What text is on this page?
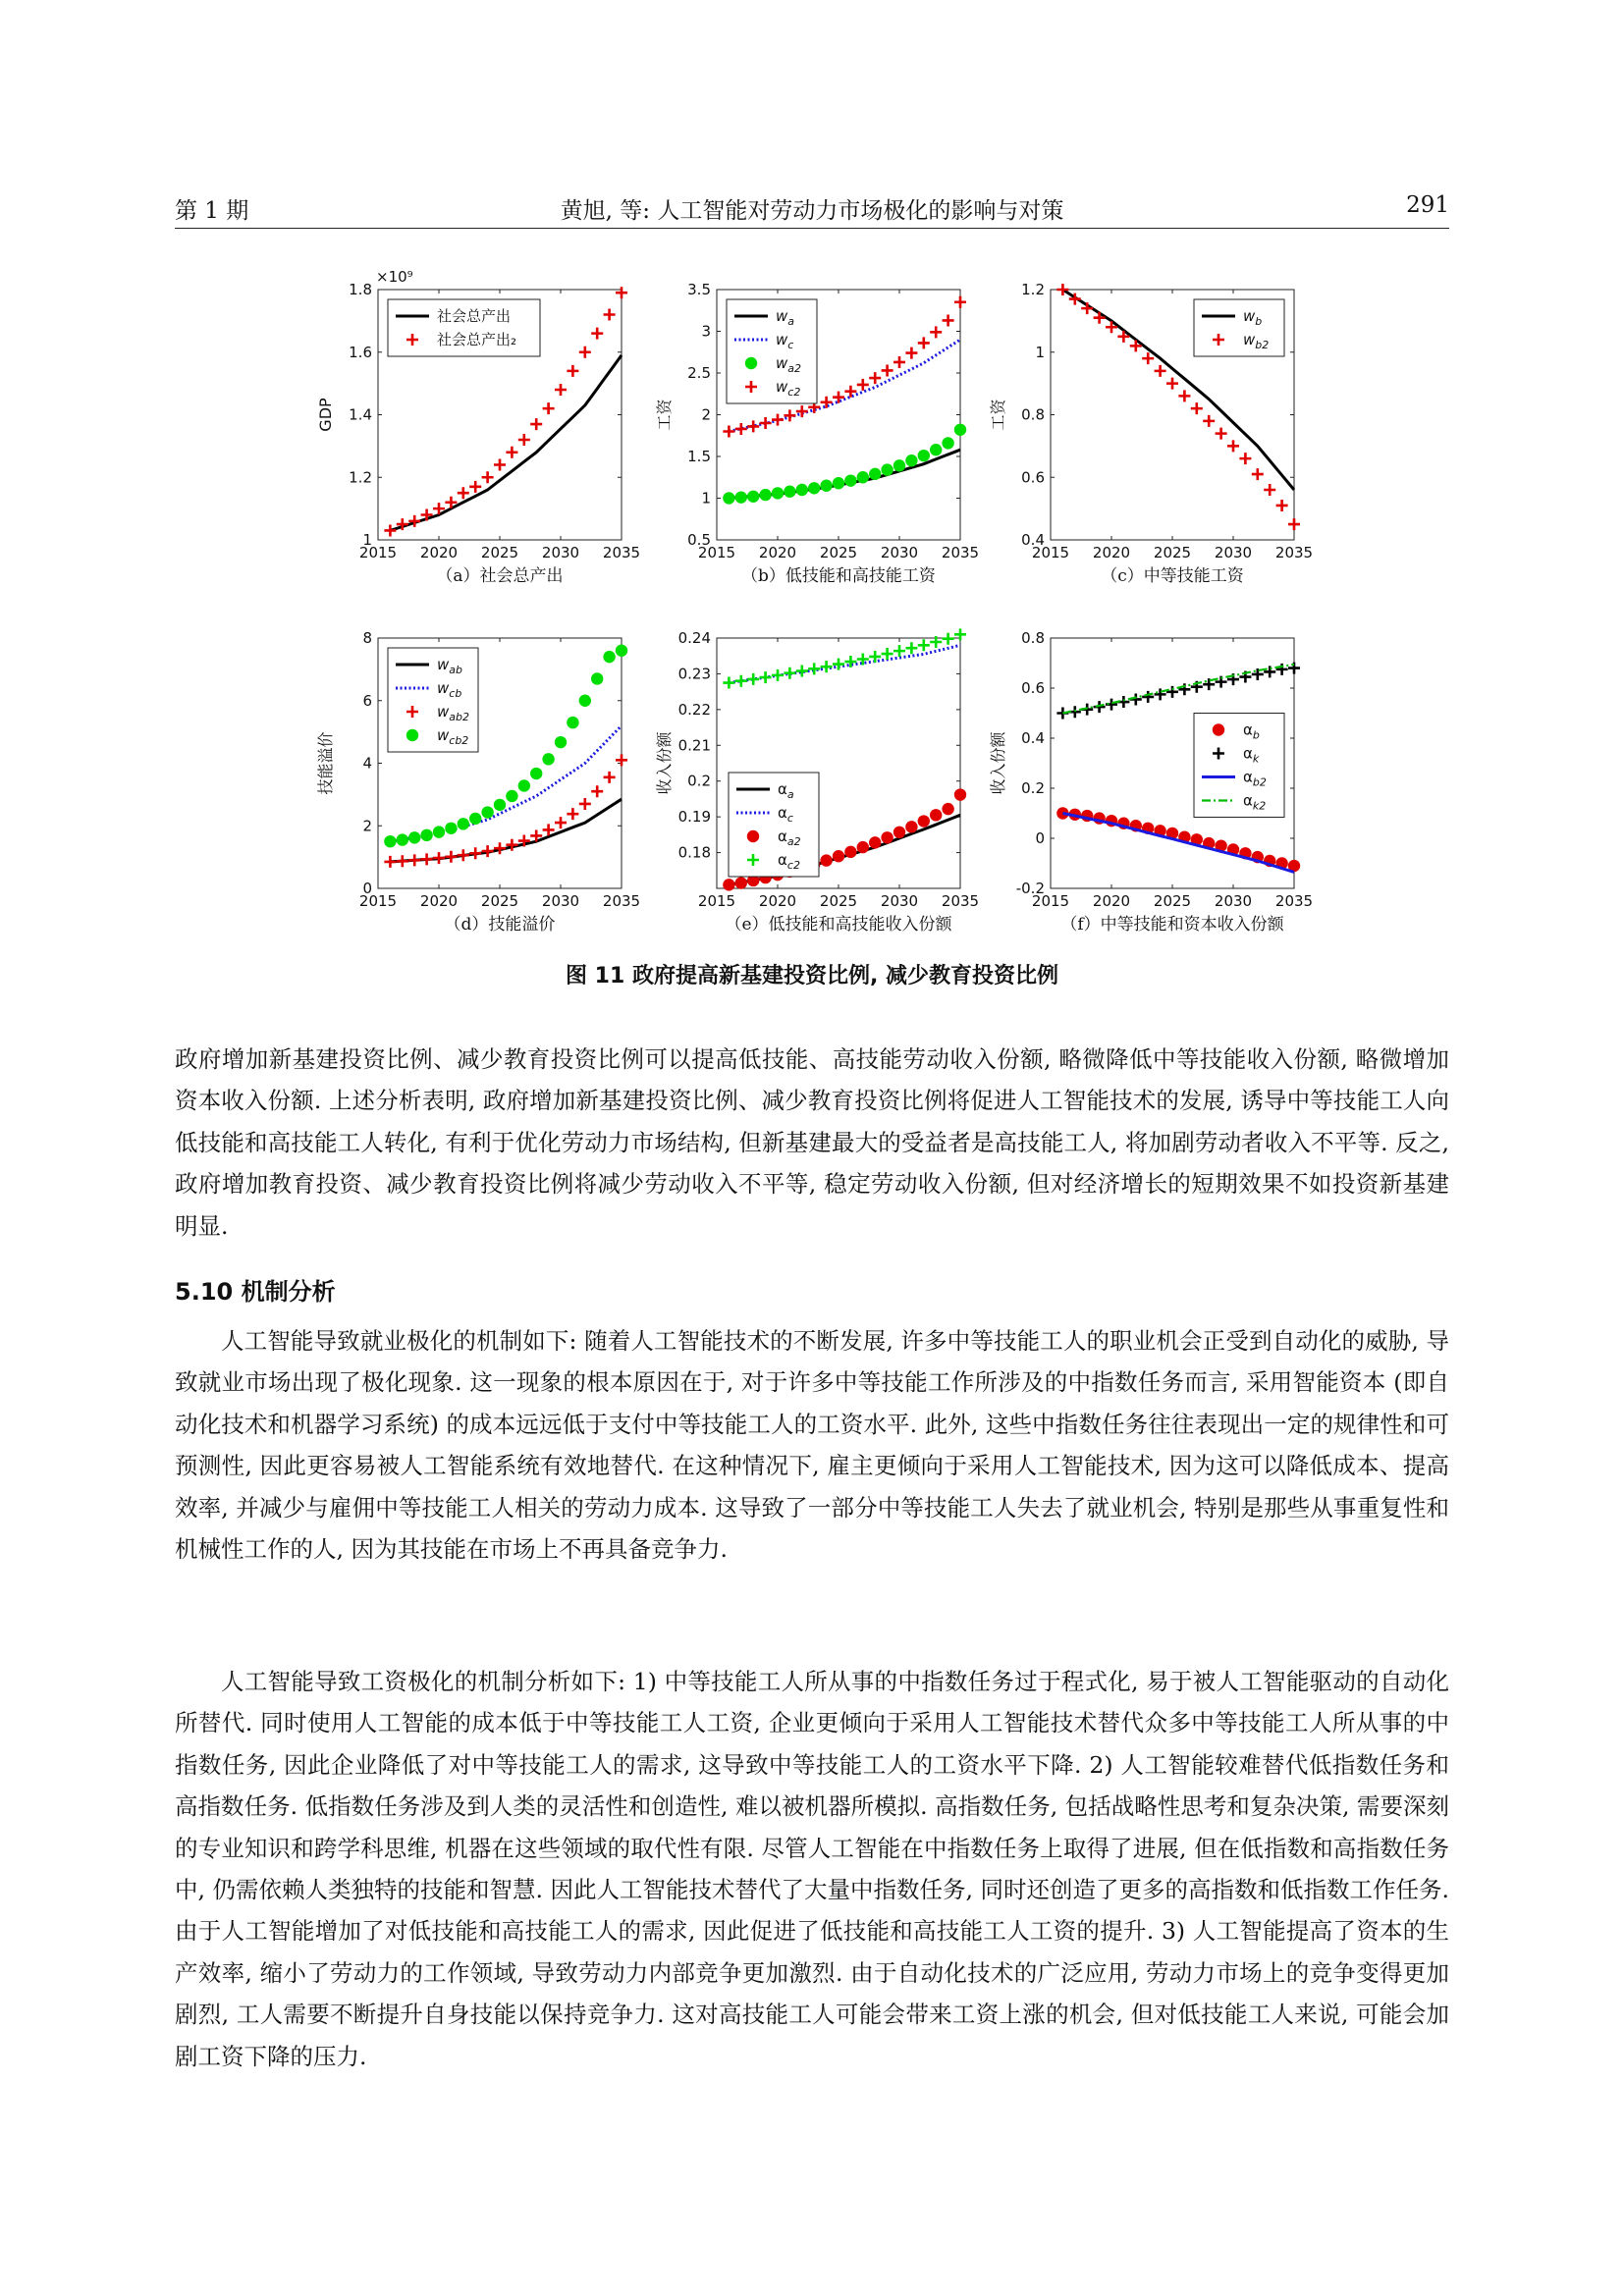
第 1 期	黄旭, 等: 人工智能对劳动力市场极化的影响与对策	291
2015 2020 2025 2030 2035
1
1.2
1.4
1.6
1.8
GDP
×10⁹
社会总产出
社会总产出₂
（a）社会总产出
2015 2020 2025 2030 2035
0.5
1
1.5
2
2.5
3
3.5
工资
$w_a$
$w_c$
$w_{a2}$
$w_{c2}$
（b）低技能和高技能工资
2015 2020 2025 2030 2035
0.4
0.6
0.8
1
1.2
工资
$w_b$
$w_{b2}$
（c）中等技能工资
2015 2020 2025 2030 2035
0
2
4
6
8
技能溢价
$w_{ab}$
$w_{cb}$
$w_{ab2}$
$w_{cb2}$
（d）技能溢价
2015 2020 2025 2030 2035
0.18
0.19
0.2
0.21
0.22
0.23
0.24
收入份额	$\alpha_a$
$\alpha_c$
$\alpha_{a2}$
$\alpha_{c2}$
（e）低技能和高技能收入份额
2015 2020 2025 2030 2035
-0.2
0
0.2
0.4
0.6
0.8
收入份额
$\alpha_b$
$\alpha_k$
$\alpha_{b2}$
$\alpha_{k2}$
（f）中等技能和资本收入份额
图 11 政府提高新基建投资比例, 减少教育投资比例

政府增加新基建投资比例、减少教育投资比例可以提高低技能、高技能劳动收入份额, 略微降低中等技能收入份额, 略微增加资本收入份额. 上述分析表明, 政府增加新基建投资比例、减少教育投资比例将促进人工智能技术的发展, 诱导中等技能工人向低技能和高技能工人转化, 有利于优化劳动力市场结构, 但新基建最大的受益者是高技能工人, 将加剧劳动者收入不平等. 反之, 政府增加教育投资、减少教育投资比例将减少劳动收入不平等, 稳定劳动收入份额, 但对经济增长的短期效果不如投资新基建明显.

5.10 机制分析

人工智能导致就业极化的机制如下: 随着人工智能技术的不断发展, 许多中等技能工人的职业机会正受到自动化的威胁, 导致就业市场出现了极化现象. 这一现象的根本原因在于, 对于许多中等技能工作所涉及的中指数任务而言, 采用智能资本 (即自动化技术和机器学习系统) 的成本远远低于支付中等技能工人的工资水平. 此外, 这些中指数任务往往表现出一定的规律性和可预测性, 因此更容易被人工智能系统有效地替代. 在这种情况下, 雇主更倾向于采用人工智能技术, 因为这可以降低成本、提高效率, 并减少与雇佣中等技能工人相关的劳动力成本. 这导致了一部分中等技能工人失去了就业机会, 特别是那些从事重复性和机械性工作的人, 因为其技能在市场上不再具备竞争力.

人工智能导致工资极化的机制分析如下: 1) 中等技能工人所从事的中指数任务过于程式化, 易于被人工智能驱动的自动化所替代. 同时使用人工智能的成本低于中等技能工人工资, 企业更倾向于采用人工智能技术替代众多中等技能工人所从事的中指数任务, 因此企业降低了对中等技能工人的需求, 这导致中等技能工人的工资水平下降. 2) 人工智能较难替代低指数任务和高指数任务. 低指数任务涉及到人类的灵活性和创造性, 难以被机器所模拟. 高指数任务, 包括战略性思考和复杂决策, 需要深刻的专业知识和跨学科思维, 机器在这些领域的取代性有限. 尽管人工智能在中指数任务上取得了进展, 但在低指数和高指数任务中, 仍需依赖人类独特的技能和智慧. 因此人工智能技术替代了大量中指数任务, 同时还创造了更多的高指数和低指数工作任务. 由于人工智能增加了对低技能和高技能工人的需求, 因此促进了低技能和高技能工人工资的提升. 3) 人工智能提高了资本的生产效率, 缩小了劳动力的工作领域, 导致劳动力内部竞争更加激烈. 由于自动化技术的广泛应用, 劳动力市场上的竞争变得更加剧烈, 工人需要不断提升自身技能以保持竞争力. 这对高技能工人可能会带来工资上涨的机会, 但对低技能工人来说, 可能会加剧工资下降的压力.
